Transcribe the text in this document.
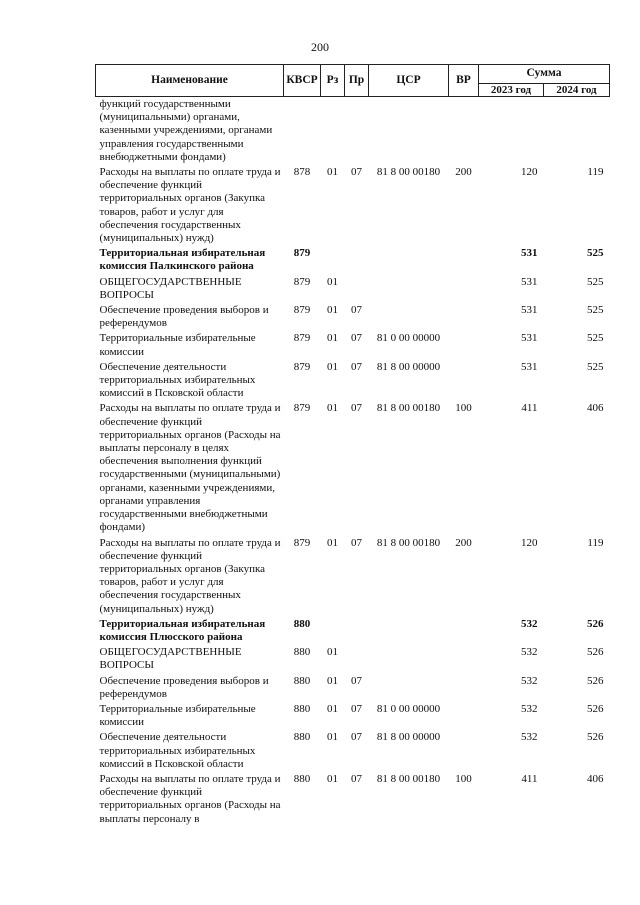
200
Наименование	КВСР	Рз	Пр	ЦСР	ВР	Сумма	
						2023 год	2024 год
функций государственными (муниципальными) органами, казенными учреждениями, органами управления государственными внебюджетными фондами)							
Расходы на выплаты по оплате труда и обеспечение функций территориальных органов (Закупка товаров, работ и услуг для обеспечения государственных (муниципальных) нужд)	878	01	07	81 8 00 00180	200	120	119
Территориальная избирательная комиссия Палкинского района	879					531	525
ОБЩЕГОСУДАРСТВЕННЫЕ ВОПРОСЫ	879	01				531	525
Обеспечение проведения выборов и референдумов	879	01	07			531	525
Территориальные избирательные комиссии	879	01	07	81 0 00 00000		531	525
Обеспечение деятельности территориальных избирательных комиссий в Псковской области	879	01	07	81 8 00 00000		531	525
Расходы на выплаты по оплате труда и обеспечение функций территориальных органов (Расходы на выплаты персоналу в целях обеспечения выполнения функций государственными (муниципальными) органами, казенными учреждениями, органами управления государственными внебюджетными фондами)	879	01	07	81 8 00 00180	100	411	406
Расходы на выплаты по оплате труда и обеспечение функций территориальных органов (Закупка товаров, работ и услуг для обеспечения государственных (муниципальных) нужд)	879	01	07	81 8 00 00180	200	120	119
Территориальная избирательная комиссия Плюсского района	880					532	526
ОБЩЕГОСУДАРСТВЕННЫЕ ВОПРОСЫ	880	01				532	526
Обеспечение проведения выборов и референдумов	880	01	07			532	526
Территориальные избирательные комиссии	880	01	07	81 0 00 00000		532	526
Обеспечение деятельности территориальных избирательных комиссий в Псковской области	880	01	07	81 8 00 00000		532	526
Расходы на выплаты по оплате труда и обеспечение функций территориальных органов (Расходы на выплаты персоналу в	880	01	07	81 8 00 00180	100	411	406
